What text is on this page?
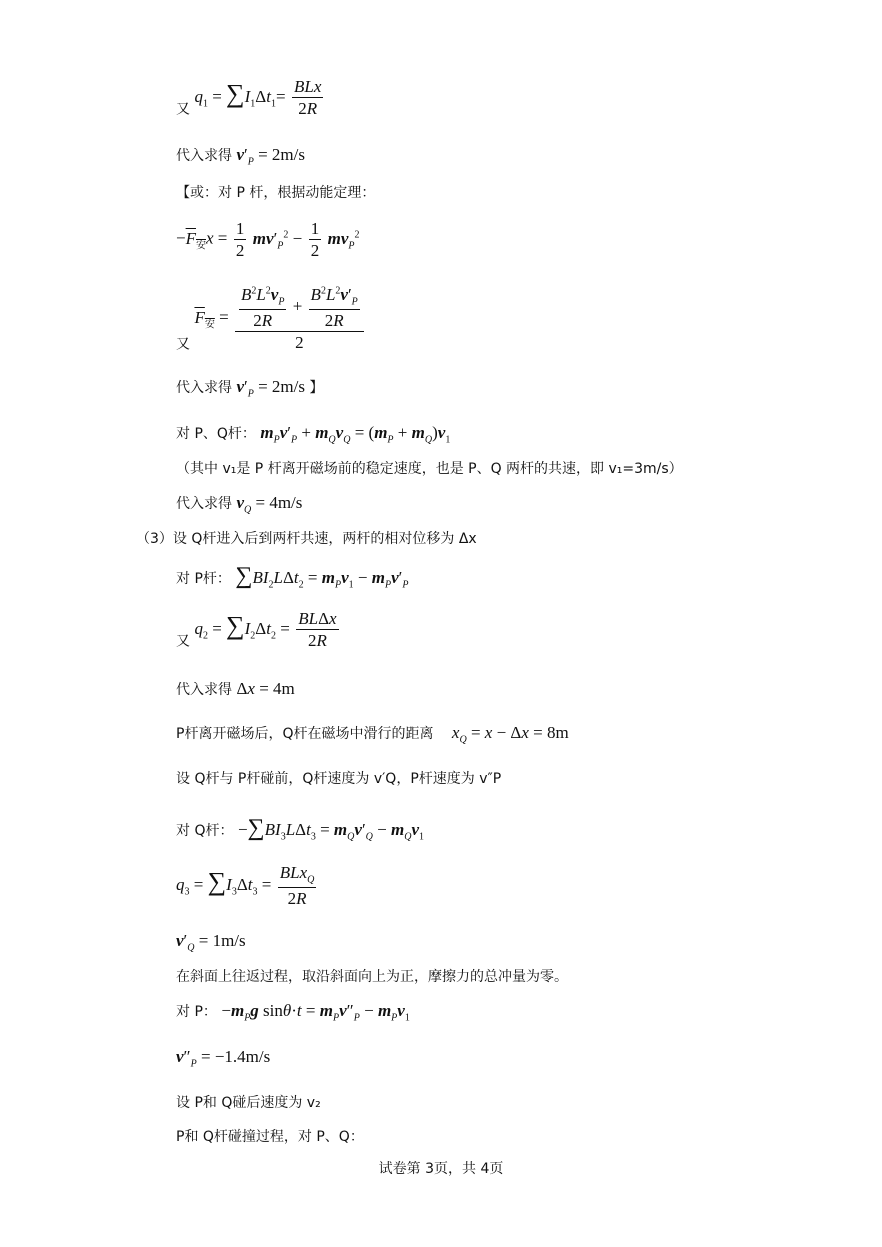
又 $q_1 = \sum I_1\Delta t_1= \frac{\text{BLx}}{2R}$
代入求得 $v'_P = 2m/s$
【或：对 P 杆，根据动能定理：
$-F_安x = \frac{1}{2} mv'_P^2 - \frac{1}{2} mv_P^2$
又 $F_安 = \frac{\frac{B^2L^2v_P}{2R} + \frac{B^2L^2v'_P}{2R}}{2}$
代入求得 $v'_P = 2m/s$ 】
对 P、Q杆： $m_Pv'_P + m_Qv_Q = (m_P + m_Q)v_1$
（其中 v₁是 P 杆离开磁场前的稳定速度，也是 P、Q 两杆的共速，即 v₁=3m/s）
代入求得 $v_Q = 4m/s$
（3）设 Q杆进入后到两杆共速，两杆的相对位移为 Δx
对 P杆： $\sum BI_2L\Delta t_2 = m_Pv_1 - m_Pv'_P$
又 $q_2 = \sum I_2\Delta t_2 = \frac{\text{BLΔx}}{2R}$
代入求得 Δx = 4m
P杆离开磁场后，Q杆在磁场中滑行的距离 $x_Q = x - \Delta x = 8m$
设 Q杆与 P杆碰前，Q杆速度为 v′Q，P杆速度为 v″P
对 Q杆： $-\sum BI_3L\Delta t_3 = m_Qv'_Q - m_Qv_1$
$q_3 = \sum I_3\Delta t_3 = \frac{BLx_Q}{2R}$
$v'_Q = 1m/s$
在斜面上往返过程，取沿斜面向上为正，摩擦力的总冲量为零。
对 P： $-m_Pg$ $\sin\theta\cdot t = m_Pv''_P - m_Pv_1$
$v''_P = -1.4m/s$
设 P和 Q碰后速度为 v₂
P和 Q杆碰撞过程，对 P、Q：
试卷第 3页，共 4页
